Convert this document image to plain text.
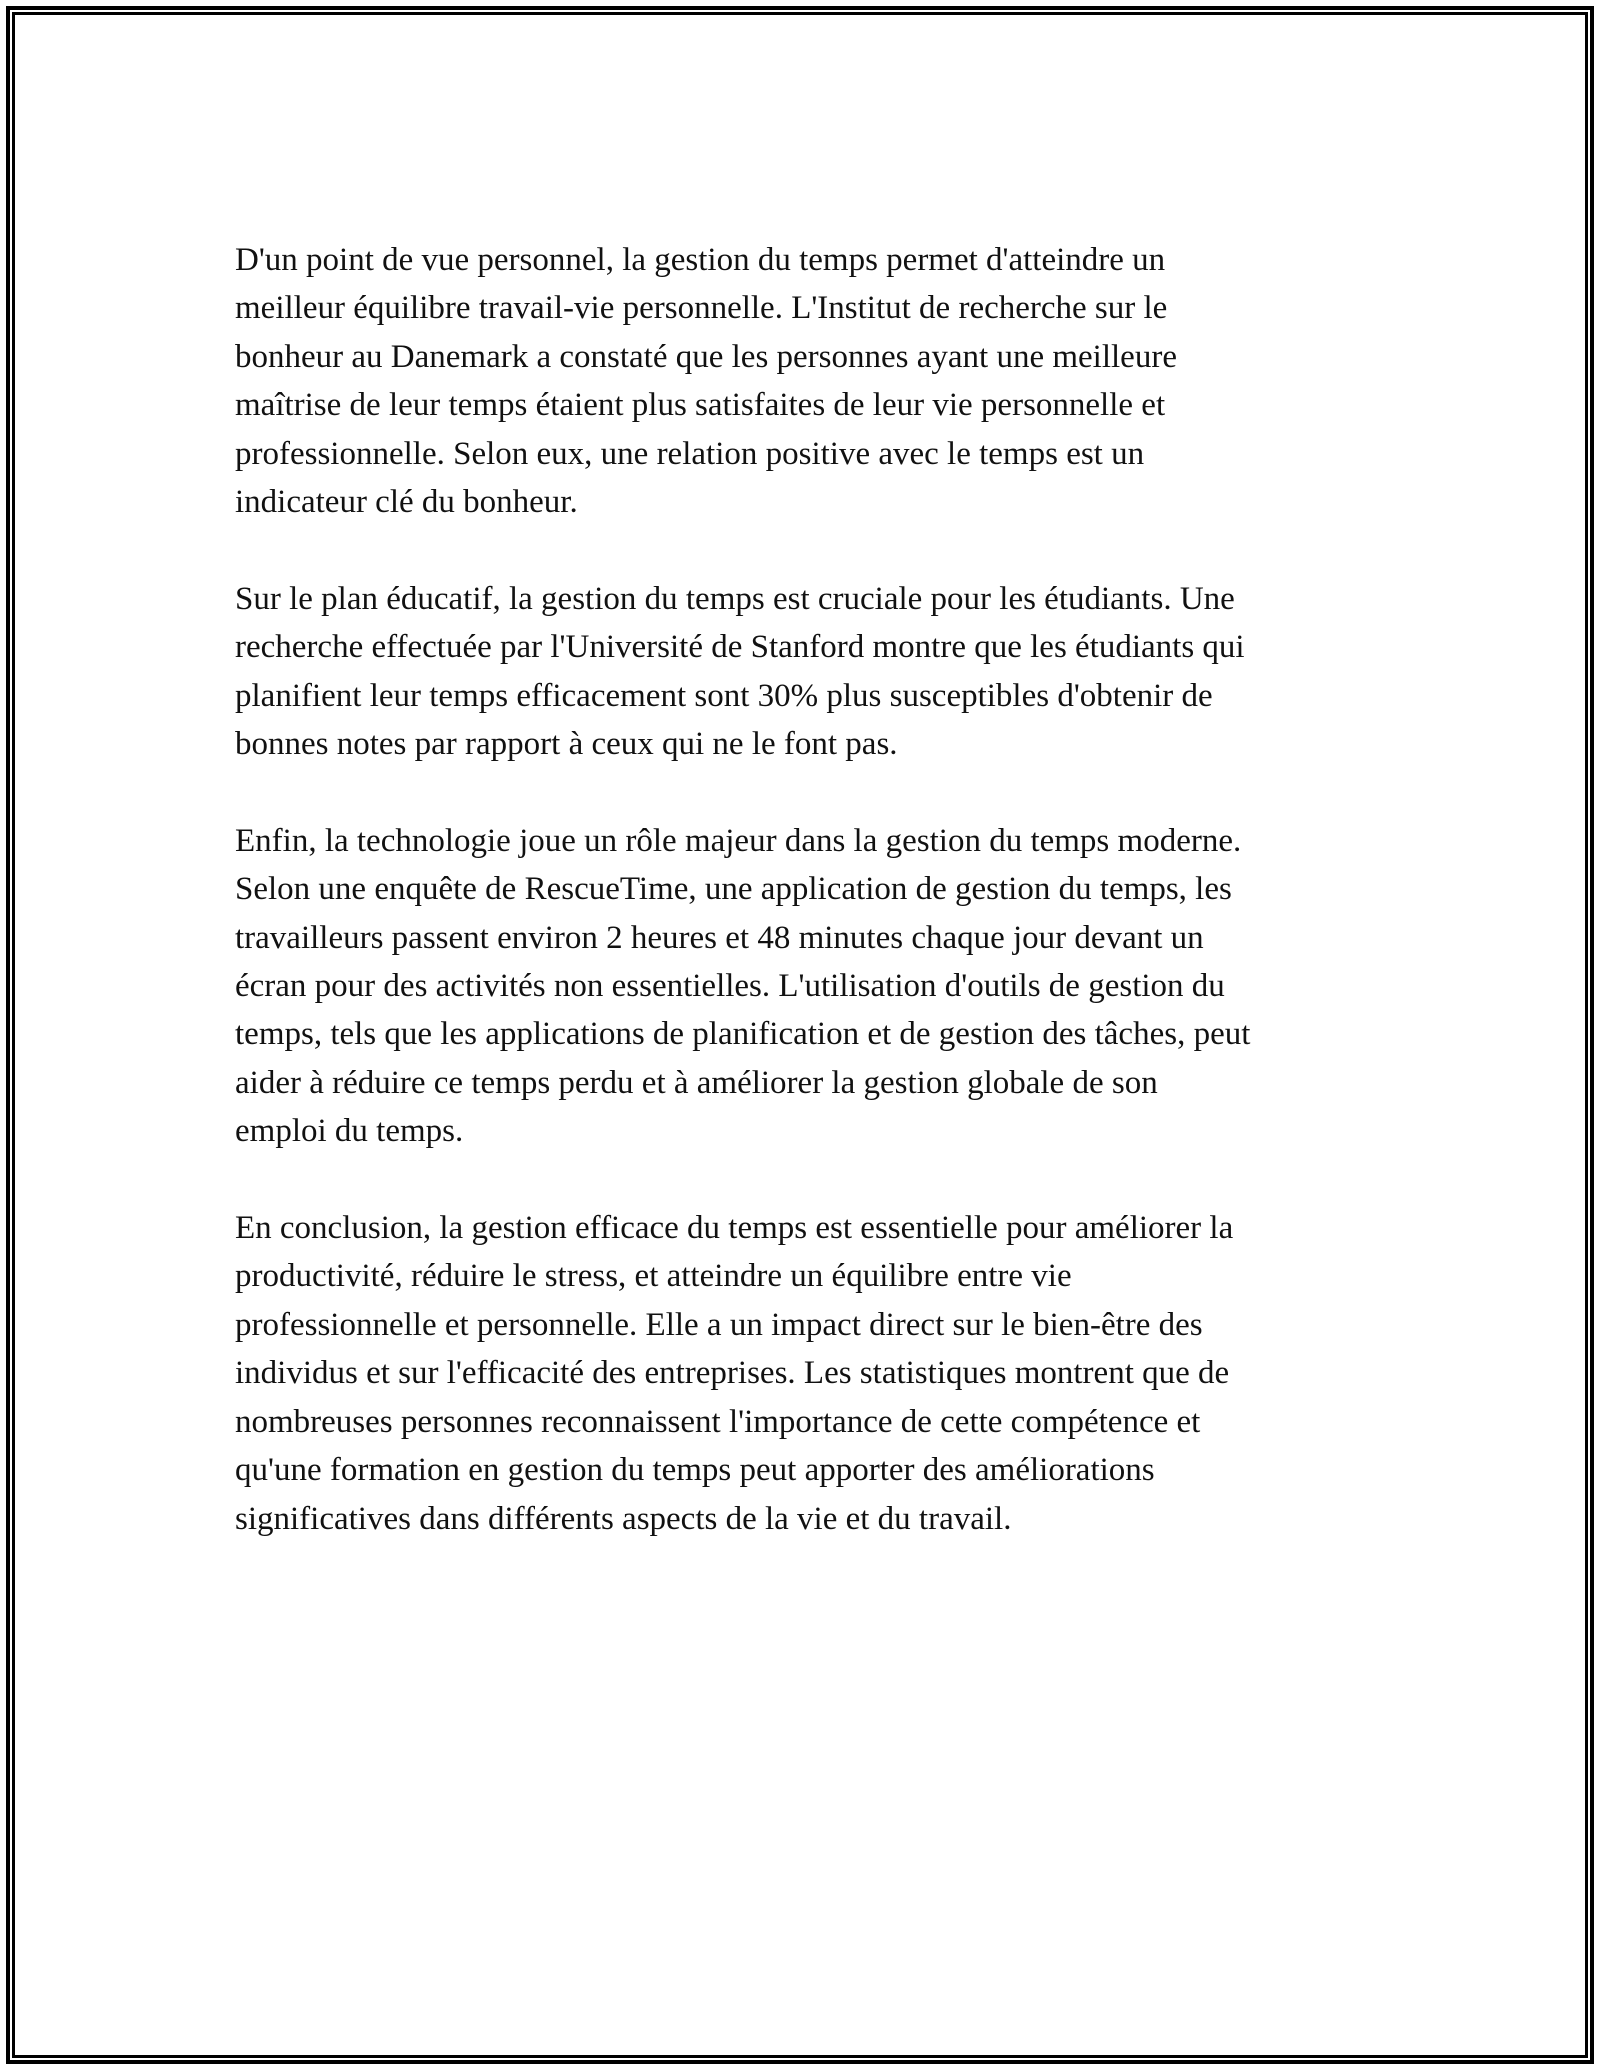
D'un point de vue personnel, la gestion du temps permet d'atteindre un
meilleur équilibre travail-vie personnelle. L'Institut de recherche sur le
bonheur au Danemark a constaté que les personnes ayant une meilleure
maîtrise de leur temps étaient plus satisfaites de leur vie personnelle et
professionnelle. Selon eux, une relation positive avec le temps est un
indicateur clé du bonheur.

Sur le plan éducatif, la gestion du temps est cruciale pour les étudiants. Une
recherche effectuée par l'Université de Stanford montre que les étudiants qui
planifient leur temps efficacement sont 30% plus susceptibles d'obtenir de
bonnes notes par rapport à ceux qui ne le font pas.

Enfin, la technologie joue un rôle majeur dans la gestion du temps moderne.
Selon une enquête de RescueTime, une application de gestion du temps, les
travailleurs passent environ 2 heures et 48 minutes chaque jour devant un
écran pour des activités non essentielles. L'utilisation d'outils de gestion du
temps, tels que les applications de planification et de gestion des tâches, peut
aider à réduire ce temps perdu et à améliorer la gestion globale de son
emploi du temps.

En conclusion, la gestion efficace du temps est essentielle pour améliorer la
productivité, réduire le stress, et atteindre un équilibre entre vie
professionnelle et personnelle. Elle a un impact direct sur le bien-être des
individus et sur l'efficacité des entreprises. Les statistiques montrent que de
nombreuses personnes reconnaissent l'importance de cette compétence et
qu'une formation en gestion du temps peut apporter des améliorations
significatives dans différents aspects de la vie et du travail.
